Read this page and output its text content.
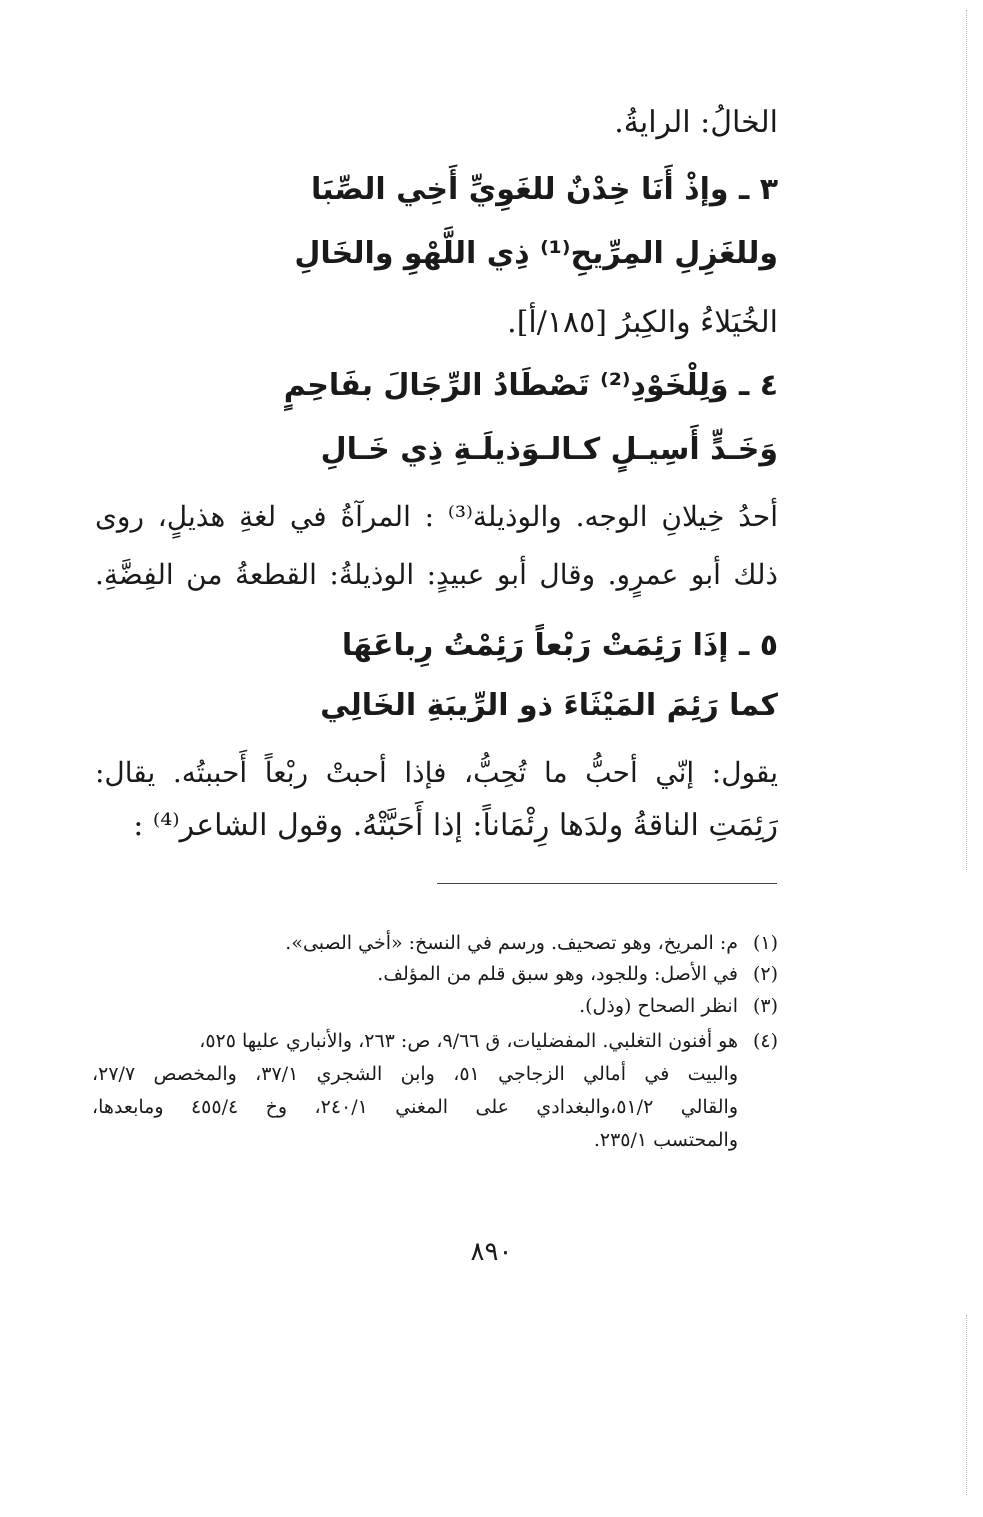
الخالُ: الرايةُ.
٣ ـ وإذْ أَنَا خِدْنٌ للغَوِيِّ أَخِي الصِّبَا
وللغَزِلِ المِرِّيحِ⁽¹⁾ ذِي اللَّهْوِ والخَالِ
الخُيَلاءُ والكِبرُ [١٨٥/أ].
٤ ـ وَلِلْخَوْدِ⁽²⁾ تَصْطَادُ الرِّجَالَ بفَاحِمٍ
وَخَـدٍّ أَسِيـلٍ كـالـوَذيلَـةِ ذِي خَـالِ
أحدُ خِيلانِ الوجه. والوذيلة⁽³⁾ : المرآةُ في لغةِ هذيلٍ، روى
ذلك أبو عمرٍو. وقال أبو عبيدٍ: الوذيلةُ: القطعةُ من الفِضَّةِ.
٥ ـ إذَا رَئِمَتْ رَبْعاً رَئِمْتُ رِباعَهَا
كما رَئِمَ المَيْثَاءَ ذو الرِّيبَةِ الخَالِي
يقول: إنّي أحبُّ ما تُحِبُّ، فإذا أحبتْ ربْعاً أَحببتُه. يقال:
رَئِمَتِ الناقةُ ولدَها رِئْمَاناً: إذا أَحَبَّتْهُ. وقول الشاعر⁽⁴⁾ :
(١)م: المريخ، وهو تصحيف. ورسم في النسخ: «أخي الصبى».
(٢)في الأصل: وللجود، وهو سبق قلم من المؤلف.
(٣)انظر الصحاح (وذل).
(٤)هو أفنون التغلبي. المفضليات، ق ٩/٦٦، ص: ٢٦٣، والأنباري عليها ٥٢٥،
والبيت في أمالي الزجاجي ٥١، وابن الشجري ٣٧/١، والمخصص ٢٧/٧،
والقالي ٥١/٢،والبغدادي على المغني ٢٤٠/١، وخ ٤٥٥/٤ ومابعدها،
والمحتسب ٢٣٥/١.
٨٩٠
